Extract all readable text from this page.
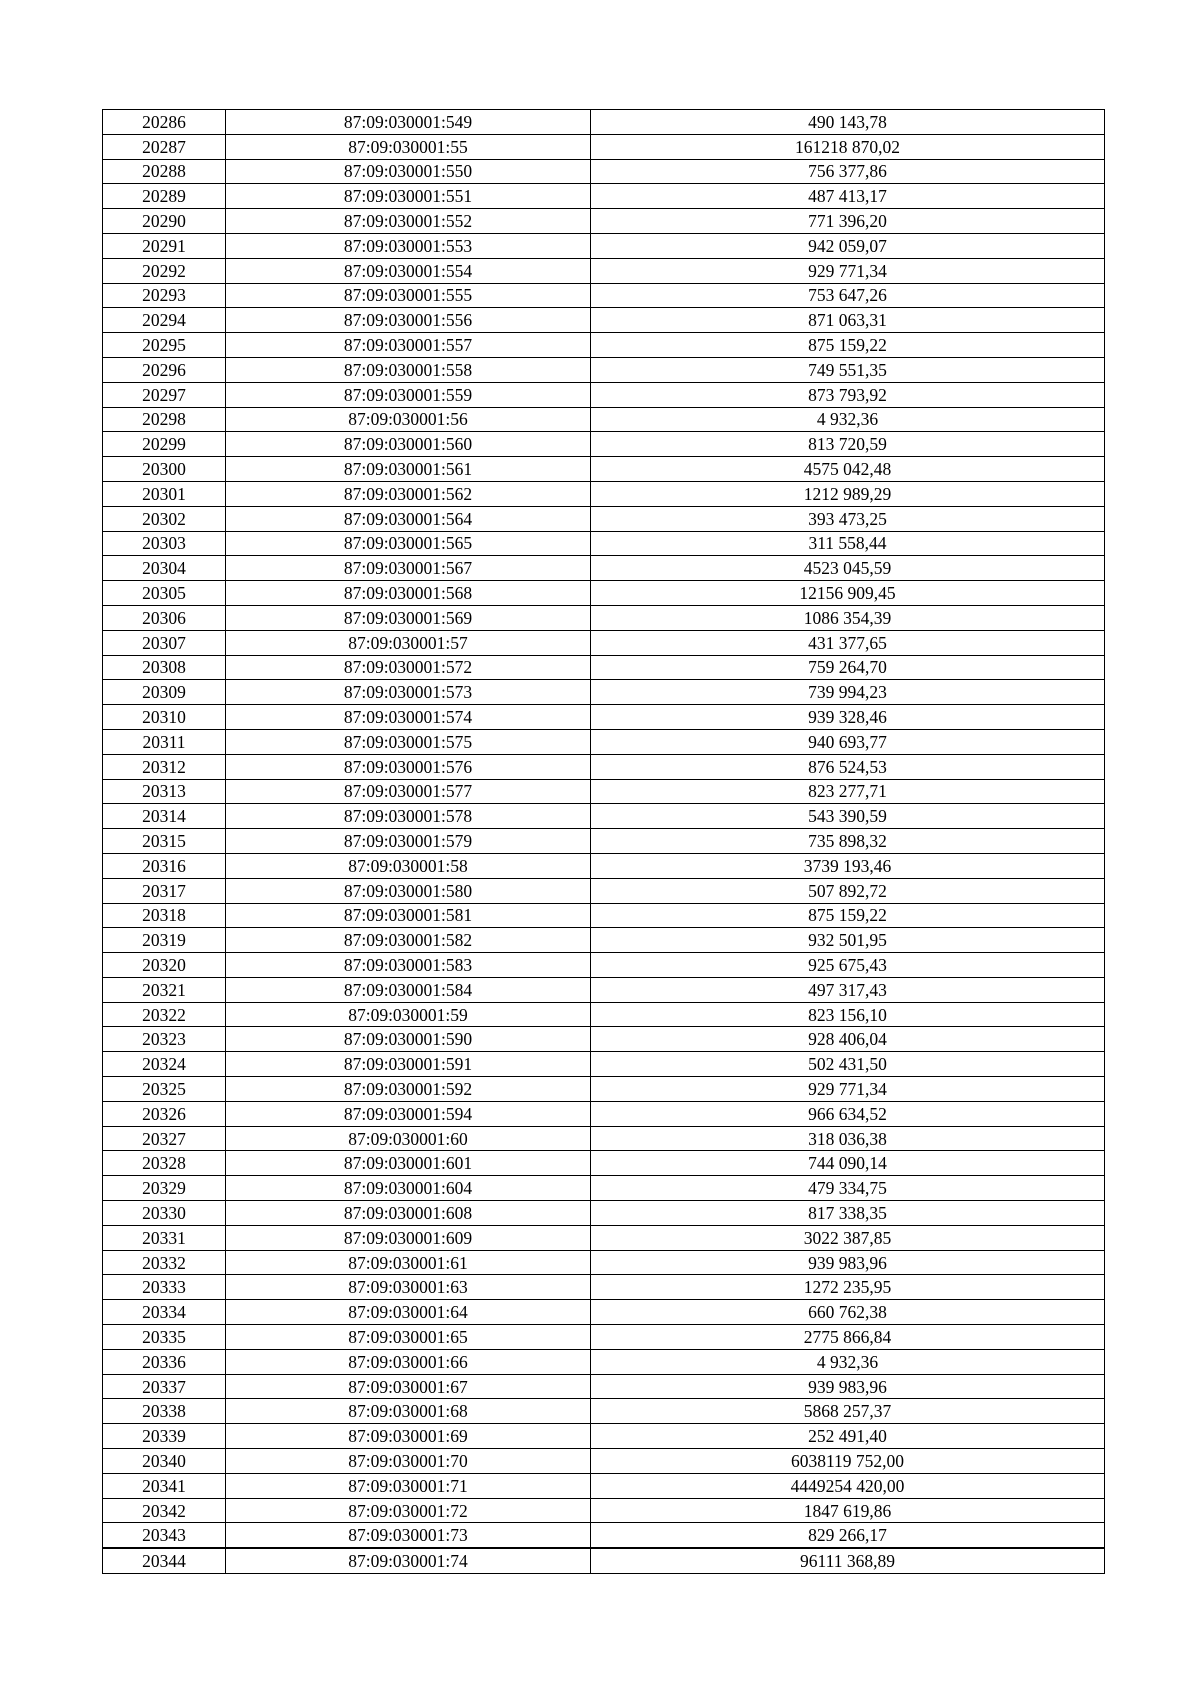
20286	87:09:030001:549	490 143,78
20287	87:09:030001:55	161218 870,02
20288	87:09:030001:550	756 377,86
20289	87:09:030001:551	487 413,17
20290	87:09:030001:552	771 396,20
20291	87:09:030001:553	942 059,07
20292	87:09:030001:554	929 771,34
20293	87:09:030001:555	753 647,26
20294	87:09:030001:556	871 063,31
20295	87:09:030001:557	875 159,22
20296	87:09:030001:558	749 551,35
20297	87:09:030001:559	873 793,92
20298	87:09:030001:56	4 932,36
20299	87:09:030001:560	813 720,59
20300	87:09:030001:561	4575 042,48
20301	87:09:030001:562	1212 989,29
20302	87:09:030001:564	393 473,25
20303	87:09:030001:565	311 558,44
20304	87:09:030001:567	4523 045,59
20305	87:09:030001:568	12156 909,45
20306	87:09:030001:569	1086 354,39
20307	87:09:030001:57	431 377,65
20308	87:09:030001:572	759 264,70
20309	87:09:030001:573	739 994,23
20310	87:09:030001:574	939 328,46
20311	87:09:030001:575	940 693,77
20312	87:09:030001:576	876 524,53
20313	87:09:030001:577	823 277,71
20314	87:09:030001:578	543 390,59
20315	87:09:030001:579	735 898,32
20316	87:09:030001:58	3739 193,46
20317	87:09:030001:580	507 892,72
20318	87:09:030001:581	875 159,22
20319	87:09:030001:582	932 501,95
20320	87:09:030001:583	925 675,43
20321	87:09:030001:584	497 317,43
20322	87:09:030001:59	823 156,10
20323	87:09:030001:590	928 406,04
20324	87:09:030001:591	502 431,50
20325	87:09:030001:592	929 771,34
20326	87:09:030001:594	966 634,52
20327	87:09:030001:60	318 036,38
20328	87:09:030001:601	744 090,14
20329	87:09:030001:604	479 334,75
20330	87:09:030001:608	817 338,35
20331	87:09:030001:609	3022 387,85
20332	87:09:030001:61	939 983,96
20333	87:09:030001:63	1272 235,95
20334	87:09:030001:64	660 762,38
20335	87:09:030001:65	2775 866,84
20336	87:09:030001:66	4 932,36
20337	87:09:030001:67	939 983,96
20338	87:09:030001:68	5868 257,37
20339	87:09:030001:69	252 491,40
20340	87:09:030001:70	6038119 752,00
20341	87:09:030001:71	4449254 420,00
20342	87:09:030001:72	1847 619,86
20343	87:09:030001:73	829 266,17
20344	87:09:030001:74	96111 368,89
